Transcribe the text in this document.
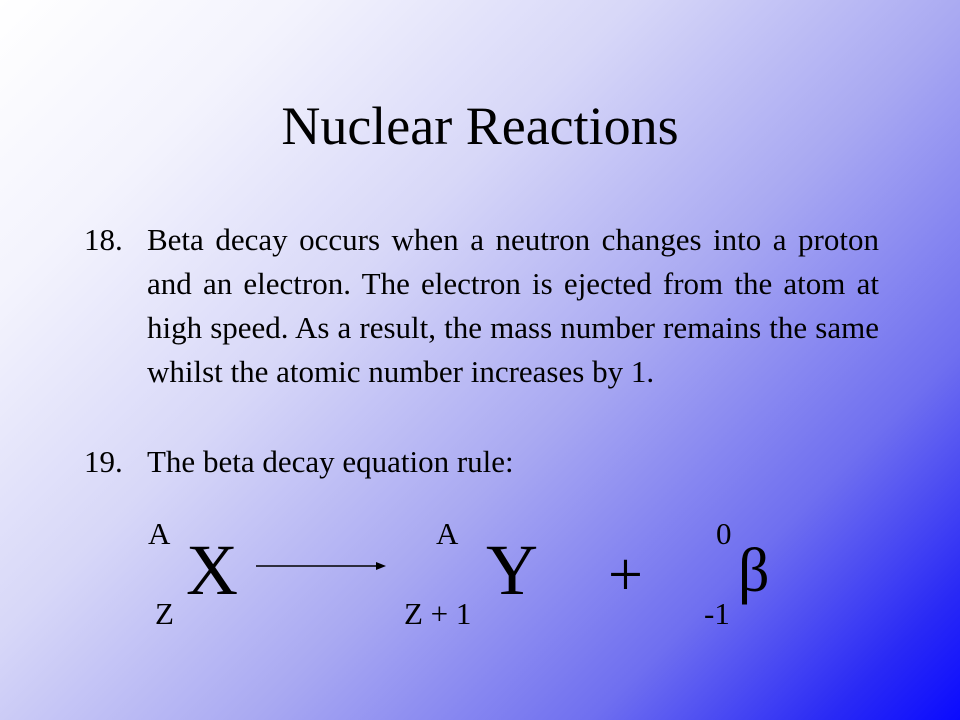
Nuclear Reactions
18. Beta decay occurs when a neutron changes into a proton and an electron. The electron is ejected from the atom at high speed. As a result, the mass number remains the same whilst the atomic number increases by 1.
19. The beta decay equation rule:
A X
Z
A Y
Z + 1
+
0
β
-1
